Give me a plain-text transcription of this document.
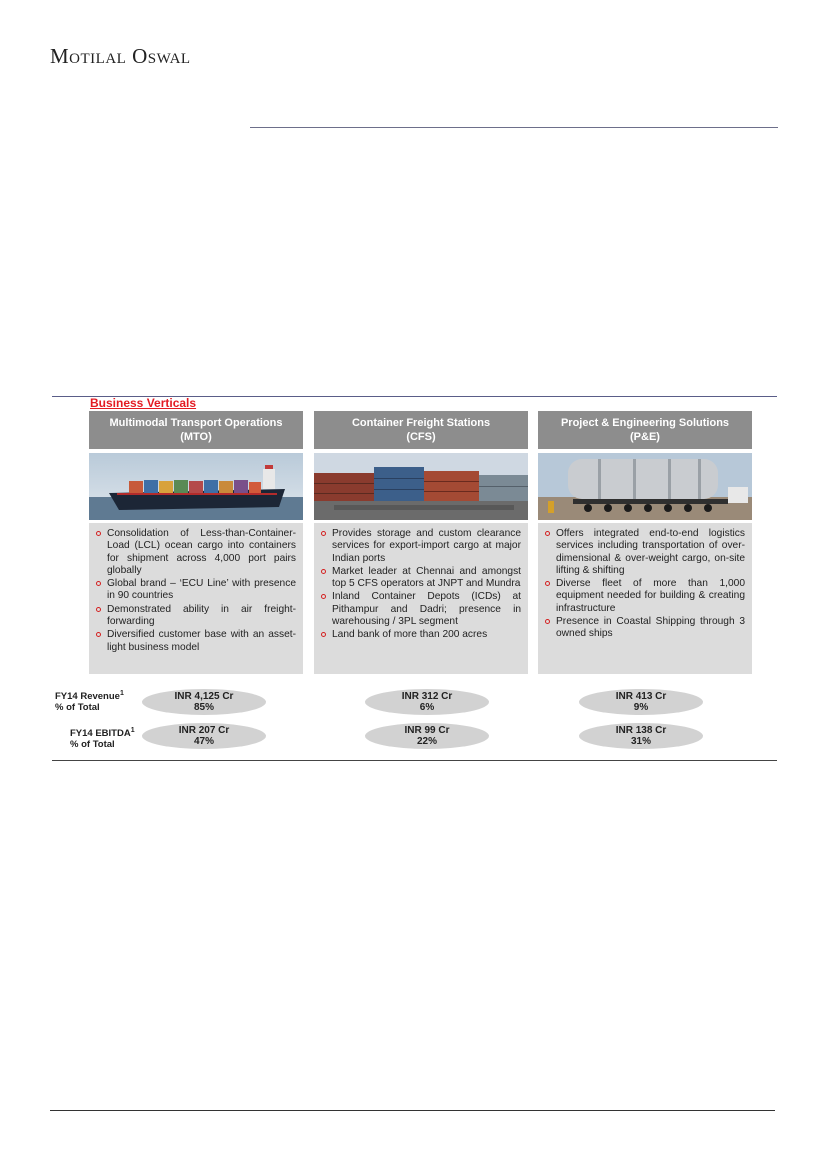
Motilal Oswal
Business Verticals
Multimodal Transport Operations
(MTO)
Consolidation of Less-than-Container-Load (LCL) ocean cargo into containers for shipment across 4,000 port pairs globally
Global brand – ‘ECU Line’ with presence in 90 countries
Demonstrated ability in air freight-forwarding
Diversified customer base with an asset-light business model
Container Freight Stations
(CFS)
Provides storage and custom clearance services for export-import cargo at major Indian ports
Market leader at Chennai and amongst top 5 CFS operators at JNPT and Mundra
Inland Container Depots (ICDs) at Pithampur and Dadri; presence in warehousing / 3PL segment
Land bank of more than 200 acres
Project & Engineering Solutions
(P&E)
Offers integrated end-to-end logistics services including transportation of over-dimensional & over-weight cargo, on-site lifting & shifting
Diverse fleet of more than 1,000 equipment needed for building & creating infrastructure
Presence in Coastal Shipping through 3 owned ships
FY14 Revenue$^1$
% of Total
FY14 EBITDA$^1$
% of Total
INR 4,125 Cr
85%
INR 312 Cr
6%
INR 413 Cr
9%
INR 207 Cr
47%
INR 99 Cr
22%
INR 138 Cr
31%
